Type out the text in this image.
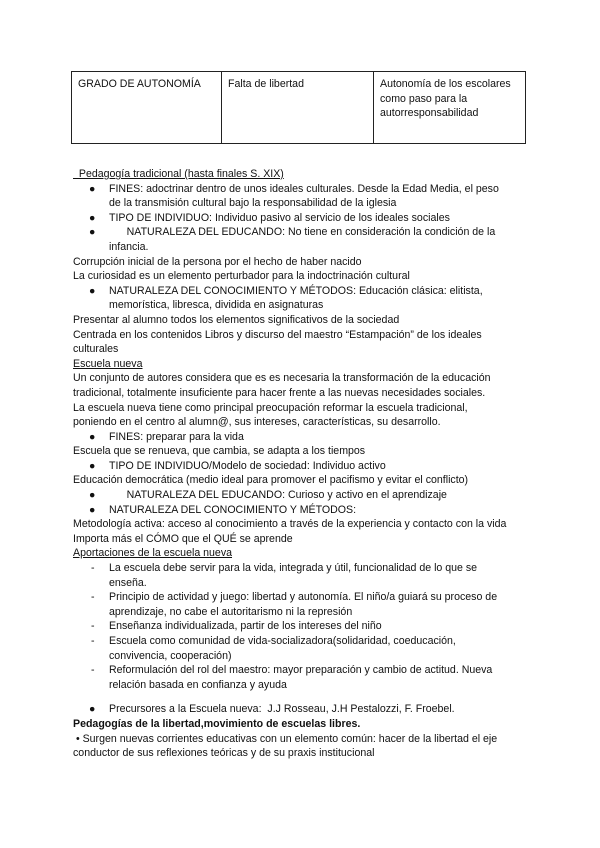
GRADO DE AUTONOMÍA	Falta de libertad	Autonomía de los escolares como paso para la autorresponsabilidad
Pedagogía tradicional (hasta finales S. XIX)
● FINES: adoctrinar dentro de unos ideales culturales. Desde la Edad Media, el peso
de la transmisión cultural bajo la responsabilidad de la iglesia
● TIPO DE INDIVIDUO: Individuo pasivo al servicio de los ideales sociales
● NATURALEZA DEL EDUCANDO: No tiene en consideración la condición de la
infancia.
Corrupción inicial de la persona por el hecho de haber nacido
La curiosidad es un elemento perturbador para la indoctrinación cultural
● NATURALEZA DEL CONOCIMIENTO Y MÉTODOS: Educación clásica: elitista,
memorística, libresca, dividida en asignaturas
Presentar al alumno todos los elementos significativos de la sociedad
Centrada en los contenidos Libros y discurso del maestro “Estampación” de los ideales
culturales
Escuela nueva
Un conjunto de autores considera que es es necesaria la transformación de la educación
tradicional, totalmente insuficiente para hacer frente a las nuevas necesidades sociales.
La escuela nueva tiene como principal preocupación reformar la escuela tradicional,
poniendo en el centro al alumn@, sus intereses, características, su desarrollo.
● FINES: preparar para la vida
Escuela que se renueva, que cambia, se adapta a los tiempos
● TIPO DE INDIVIDUO/Modelo de sociedad: Individuo activo
Educación democrática (medio ideal para promover el pacifismo y evitar el conflicto)
● NATURALEZA DEL EDUCANDO: Curioso y activo en el aprendizaje
● NATURALEZA DEL CONOCIMIENTO Y MÉTODOS:
Metodología activa: acceso al conocimiento a través de la experiencia y contacto con la vida
Importa más el CÓMO que el QUÉ se aprende
Aportaciones de la escuela nueva
- La escuela debe servir para la vida, integrada y útil, funcionalidad de lo que se
enseña.
- Principio de actividad y juego: libertad y autonomía. El niño/a guiará su proceso de
aprendizaje, no cabe el autoritarismo ni la represión
- Enseñanza individualizada, partir de los intereses del niño
- Escuela como comunidad de vida-socializadora(solidaridad, coeducación,
convivencia, cooperación)
- Reformulación del rol del maestro: mayor preparación y cambio de actitud. Nueva
relación basada en confianza y ayuda
● Precursores a la Escuela nueva:  J.J Rosseau, J.H Pestalozzi, F. Froebel.
Pedagogías de la libertad,movimiento de escuelas libres.
• Surgen nuevas corrientes educativas con un elemento común: hacer de la libertad el eje
conductor de sus reflexiones teóricas y de su praxis institucional
